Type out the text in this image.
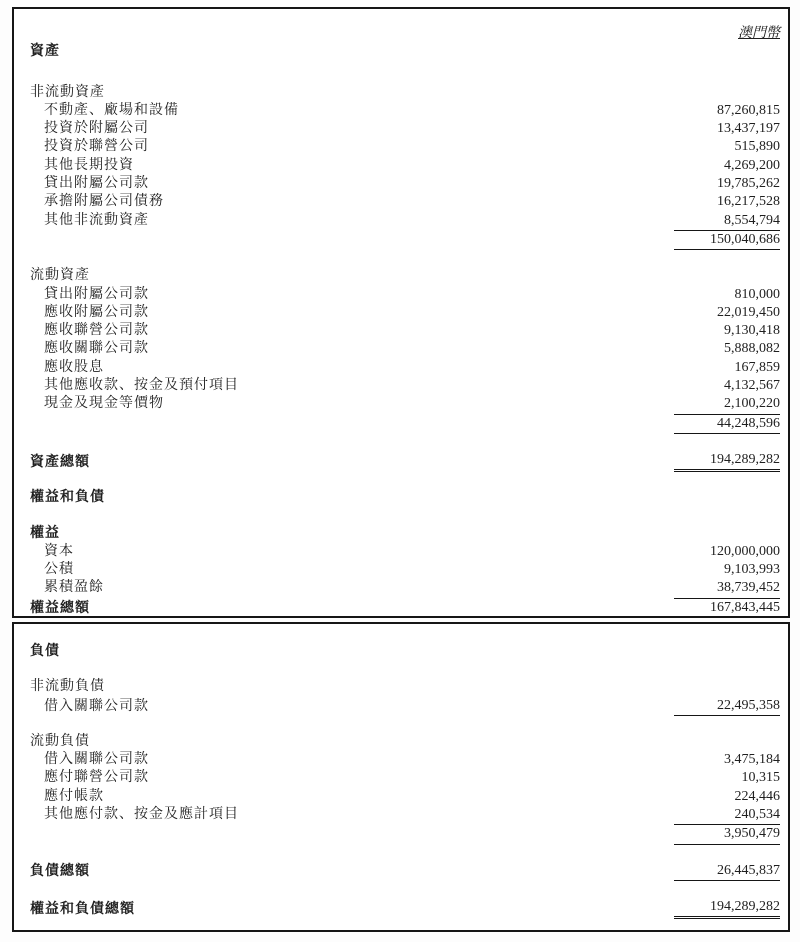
澳門幣
資產
非流動資產
不動產、廠場和設備	87,260,815
投資於附屬公司	13,437,197
投資於聯營公司	515,890
其他長期投資	4,269,200
貸出附屬公司款	19,785,262
承擔附屬公司債務	16,217,528
其他非流動資產	8,554,794
150,040,686
流動資產
貸出附屬公司款	810,000
應收附屬公司款	22,019,450
應收聯營公司款	9,130,418
應收關聯公司款	5,888,082
應收股息	167,859
其他應收款、按金及預付項目	4,132,567
現金及現金等價物	2,100,220
44,248,596
資產總額	194,289,282
權益和負債
權益
資本	120,000,000
公積	9,103,993
累積盈餘	38,739,452
權益總額	167,843,445
負債
非流動負債
借入關聯公司款	22,495,358
流動負債
借入關聯公司款	3,475,184
應付聯營公司款	10,315
應付帳款	224,446
其他應付款、按金及應計項目	240,534
3,950,479
負債總額	26,445,837
權益和負債總額	194,289,282
